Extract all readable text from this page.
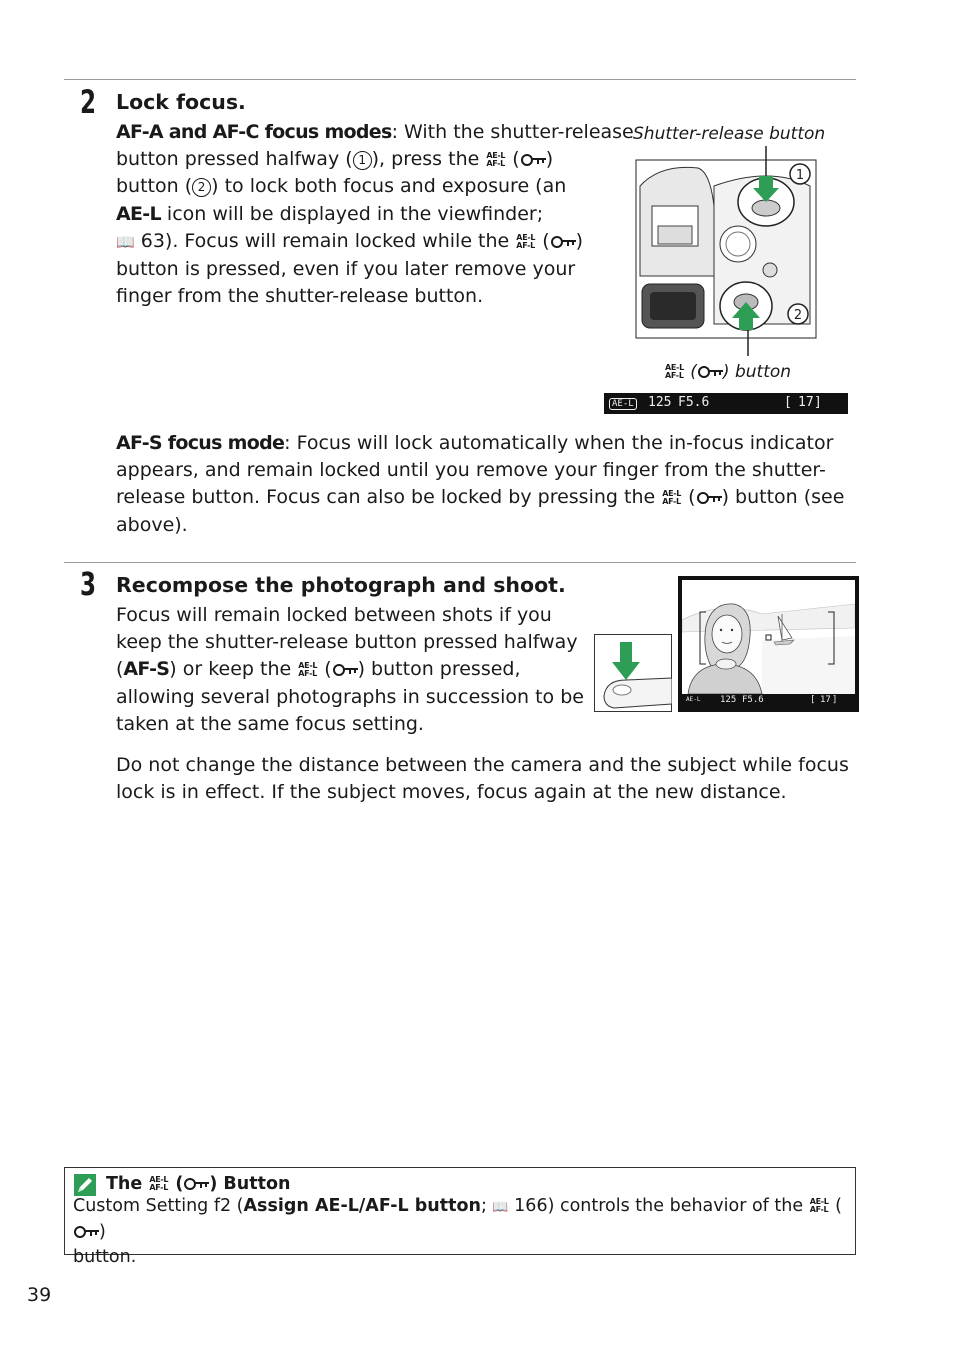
2 Lock focus.

AF-A and AF-C focus modes: With the shutter-release

button pressed halfway ( 1 ), press the AE-L
AF-L ( )

button ( 2 ) to lock both focus and exposure (an

AE-L icon will be displayed in the viewfinder;

📖 63). Focus will remain locked while the AE-L
AF-L ( )

button is pressed, even if you later remove your

finger from the shutter-release button.

Shutter-release button
1
2
AE-L
AF-L ( ) button
AE-L 125 F5.6	[ 17 ]

AF-S focus mode: Focus will lock automatically when the in-focus indicator

appears, and remain locked until you remove your finger from the shutter-

release button. Focus can also be locked by pressing the AE-L
AF-L ( ) button (see

above).

3 Recompose the photograph and shoot.

Focus will remain locked between shots if you

keep the shutter-release button pressed halfway

(AF-S) or keep the AE-L
AF-L ( ) button pressed,

allowing several photographs in succession to be

taken at the same focus setting.

AE-L 125 F5.6	[ 17 ]

Do not change the distance between the camera and the subject while focus

lock is in effect. If the subject moves, focus again at the new distance.

The AE-L
AF-L ( ) Button
Custom Setting f2 (Assign AE-L/AF-L button; 📖 166) controls the behavior of the AE-L
AF-L (
)
button.
39
